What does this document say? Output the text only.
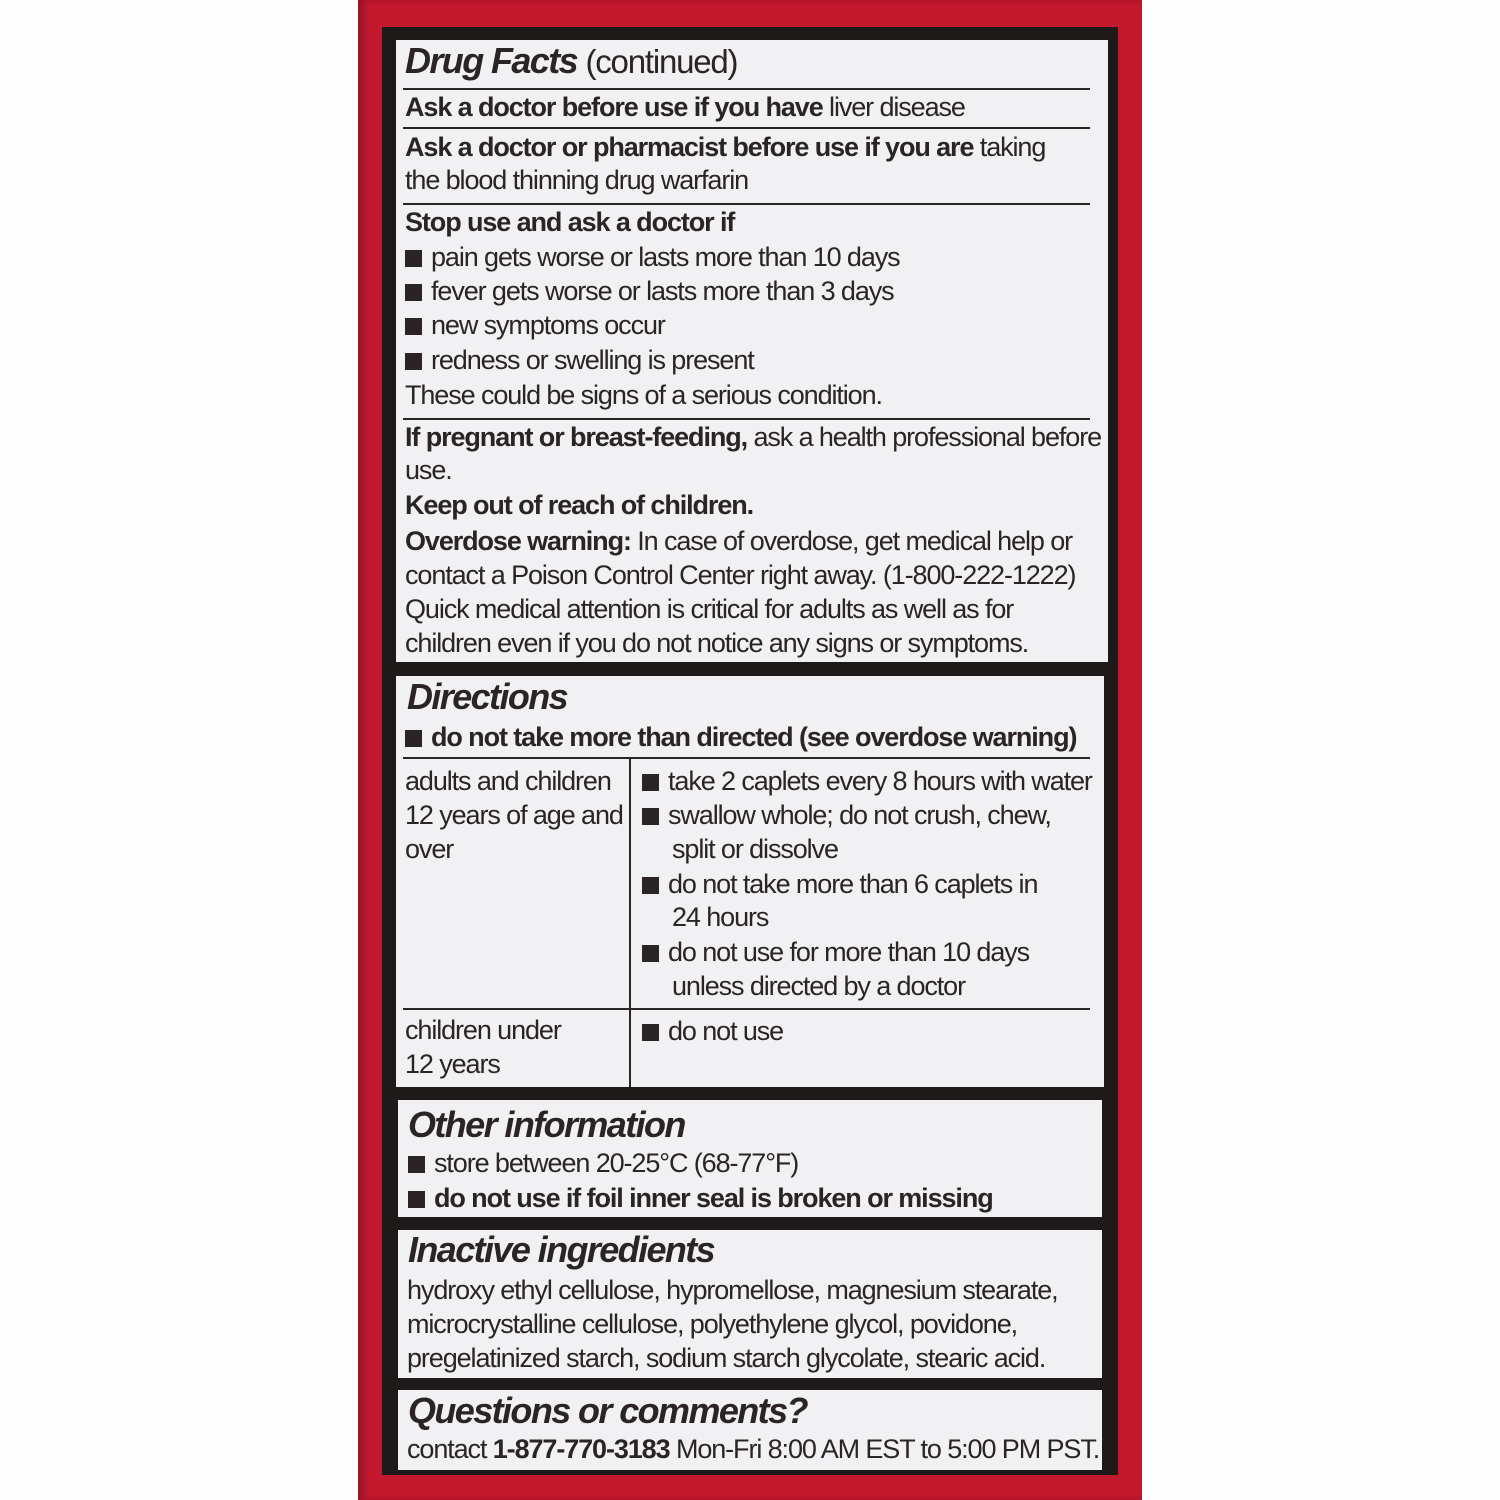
Drug Facts (continued)
Ask a doctor before use if you have liver disease
Ask a doctor or pharmacist before use if you are taking
the blood thinning drug warfarin
Stop use and ask a doctor if
pain gets worse or lasts more than 10 days
fever gets worse or lasts more than 3 days
new symptoms occur
redness or swelling is present
These could be signs of a serious condition.
If pregnant or breast-feeding, ask a health professional before
use.
Keep out of reach of children.
Overdose warning: In case of overdose, get medical help or
contact a Poison Control Center right away. (1-800-222-1222)
Quick medical attention is critical for adults as well as for
children even if you do not notice any signs or symptoms.
Directions
do not take more than directed (see overdose warning)
adults and children
12 years of age and
over
take 2 caplets every 8 hours with water
swallow whole; do not crush, chew,
split or dissolve
do not take more than 6 caplets in
24 hours
do not use for more than 10 days
unless directed by a doctor
children under
12 years
do not use
Other information
store between 20-25°C (68-77°F)
do not use if foil inner seal is broken or missing
Inactive ingredients
hydroxy ethyl cellulose, hypromellose, magnesium stearate,
microcrystalline cellulose, polyethylene glycol, povidone,
pregelatinized starch, sodium starch glycolate, stearic acid.
Questions or comments?
contact 1-877-770-3183 Mon-Fri 8:00 AM EST to 5:00 PM PST.
